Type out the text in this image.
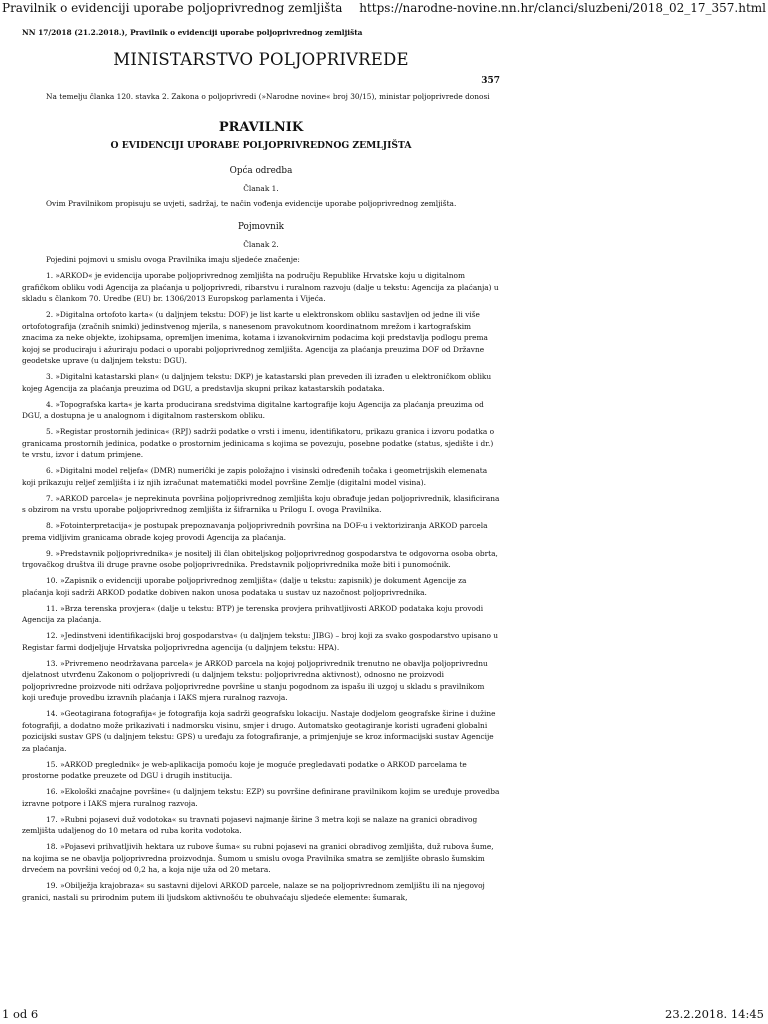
Pravilnik o evidenciji uporabe poljoprivrednog zemljišta https://narodne-novine.nn.hr/clanci/sluzbeni/2018_02_17_357.html
NN 17/2018 (21.2.2018.), Pravilnik o evidenciji uporabe poljoprivrednog zemljišta
MINISTARSTVO POLJOPRIVREDE
357

Na temelju članka 120. stavka 2. Zakona o poljoprivredi (»Narodne novine« broj 30/15), ministar poljoprivrede donosi

PRAVILNIK
O EVIDENCIJI UPORABE POLJOPRIVREDNOG ZEMLJIŠTA
Opća odredba
Članak 1.

Ovim Pravilnikom propisuju se uvjeti, sadržaj, te način vođenja evidencije uporabe poljoprivrednog zemljišta.

Pojmovnik
Članak 2.

Pojedini pojmovi u smislu ovoga Pravilnika imaju sljedeće značenje:

1. »ARKOD« je evidencija uporabe poljoprivrednog zemljišta na području Republike Hrvatske koju u digitalnom grafičkom obliku vodi Agencija za plaćanja u poljoprivredi, ribarstvu i ruralnom razvoju (dalje u tekstu: Agencija za plaćanja) u skladu s člankom 70. Uredbe (EU) br. 1306/2013 Europskog parlamenta i Vijeća.

2. »Digitalna ortofoto karta« (u daljnjem tekstu: DOF) je list karte u elektronskom obliku sastavljen od jedne ili više ortofotografija (zračnih snimki) jedinstvenog mjerila, s nanesenom pravokutnom koordinatnom mrežom i kartografskim znacima za neke objekte, izohipsama, opremljen imenima, kotama i izvanokvirnim podacima koji predstavlja podlogu prema kojoj se produciraju i ažuriraju podaci o uporabi poljoprivrednog zemljišta. Agencija za plaćanja preuzima DOF od Državne geodetske uprave (u daljnjem tekstu: DGU).

3. »Digitalni katastarski plan« (u daljnjem tekstu: DKP) je katastarski plan preveden ili izrađen u elektroničkom obliku kojeg Agencija za plaćanja preuzima od DGU, a predstavlja skupni prikaz katastarskih podataka.

4. »Topografska karta« je karta producirana sredstvima digitalne kartografije koju Agencija za plaćanja preuzima od DGU, a dostupna je u analognom i digitalnom rasterskom obliku.

5. »Registar prostornih jedinica« (RPJ) sadrži podatke o vrsti i imenu, identifikatoru, prikazu granica i izvoru podatka o granicama prostornih jedinica, podatke o prostornim jedinicama s kojima se povezuju, posebne podatke (status, sjedište i dr.) te vrstu, izvor i datum primjene.

6. »Digitalni model reljefa« (DMR) numerički je zapis položajno i visinski određenih točaka i geometrijskih elemenata koji prikazuju reljef zemljišta i iz njih izračunat matematički model površine Zemlje (digitalni model visina).

7. »ARKOD parcela« je neprekinuta površina poljoprivrednog zemljišta koju obrađuje jedan poljoprivrednik, klasificirana s obzirom na vrstu uporabe poljoprivrednog zemljišta iz šifrarnika u Prilogu I. ovoga Pravilnika.

8. »Fotointerpretacija« je postupak prepoznavanja poljoprivrednih površina na DOF-u i vektoriziranja ARKOD parcela prema vidljivim granicama obrade kojeg provodi Agencija za plaćanja.

9. »Predstavnik poljoprivrednika« je nositelj ili član obiteljskog poljoprivrednog gospodarstva te odgovorna osoba obrta, trgovačkog društva ili druge pravne osobe poljoprivrednika. Predstavnik poljoprivrednika može biti i punomoćnik.

10. »Zapisnik o evidenciji uporabe poljoprivrednog zemljišta« (dalje u tekstu: zapisnik) je dokument Agencije za plaćanja koji sadrži ARKOD podatke dobiven nakon unosa podataka u sustav uz nazočnost poljoprivrednika.

11. »Brza terenska provjera« (dalje u tekstu: BTP) je terenska provjera prihvatljivosti ARKOD podataka koju provodi Agencija za plaćanja.

12. »Jedinstveni identifikacijski broj gospodarstva« (u daljnjem tekstu: JIBG) – broj koji za svako gospodarstvo upisano u Registar farmi dodjeljuje Hrvatska poljoprivredna agencija (u daljnjem tekstu: HPA).

13. »Privremeno neodržavana parcela« je ARKOD parcela na kojoj poljoprivrednik trenutno ne obavlja poljoprivrednu djelatnost utvrđenu Zakonom o poljoprivredi (u daljnjem tekstu: poljoprivredna aktivnost), odnosno ne proizvodi poljoprivredne proizvode niti održava poljoprivredne površine u stanju pogodnom za ispašu ili uzgoj u skladu s pravilnikom koji uređuje provedbu izravnih plaćanja i IAKS mjera ruralnog razvoja.

14. »Geotagirana fotografija« je fotografija koja sadrži geografsku lokaciju. Nastaje dodjelom geografske širine i dužine fotografiji, a dodatno može prikazivati i nadmorsku visinu, smjer i drugo. Automatsko geotagiranje koristi ugrađeni globalni pozicijski sustav GPS (u daljnjem tekstu: GPS) u uređaju za fotografiranje, a primjenjuje se kroz informacijski sustav Agencije za plaćanja.

15. »ARKOD preglednik« je web-aplikacija pomoću koje je moguće pregledavati podatke o ARKOD parcelama te prostorne podatke preuzete od DGU i drugih institucija.

16. »Ekološki značajne površine« (u daljnjem tekstu: EZP) su površine definirane pravilnikom kojim se uređuje provedba izravne potpore i IAKS mjera ruralnog razvoja.

17. »Rubni pojasevi duž vodotoka« su travnati pojasevi najmanje širine 3 metra koji se nalaze na granici obradivog zemljišta udaljenog do 10 metara od ruba korita vodotoka.

18. »Pojasevi prihvatljivih hektara uz rubove šuma« su rubni pojasevi na granici obradivog zemljišta, duž rubova šume, na kojima se ne obavlja poljoprivredna proizvodnja. Šumom u smislu ovoga Pravilnika smatra se zemljište obraslo šumskim drvećem na površini većoj od 0,2 ha, a koja nije uža od 20 metara.

19. »Obilježja krajobraza« su sastavni dijelovi ARKOD parcele, nalaze se na poljoprivrednom zemljištu ili na njegovoj granici, nastali su prirodnim putem ili ljudskom aktivnošću te obuhvaćaju sljedeće elemente: šumarak,

1 od 6	23.2.2018. 14:45
